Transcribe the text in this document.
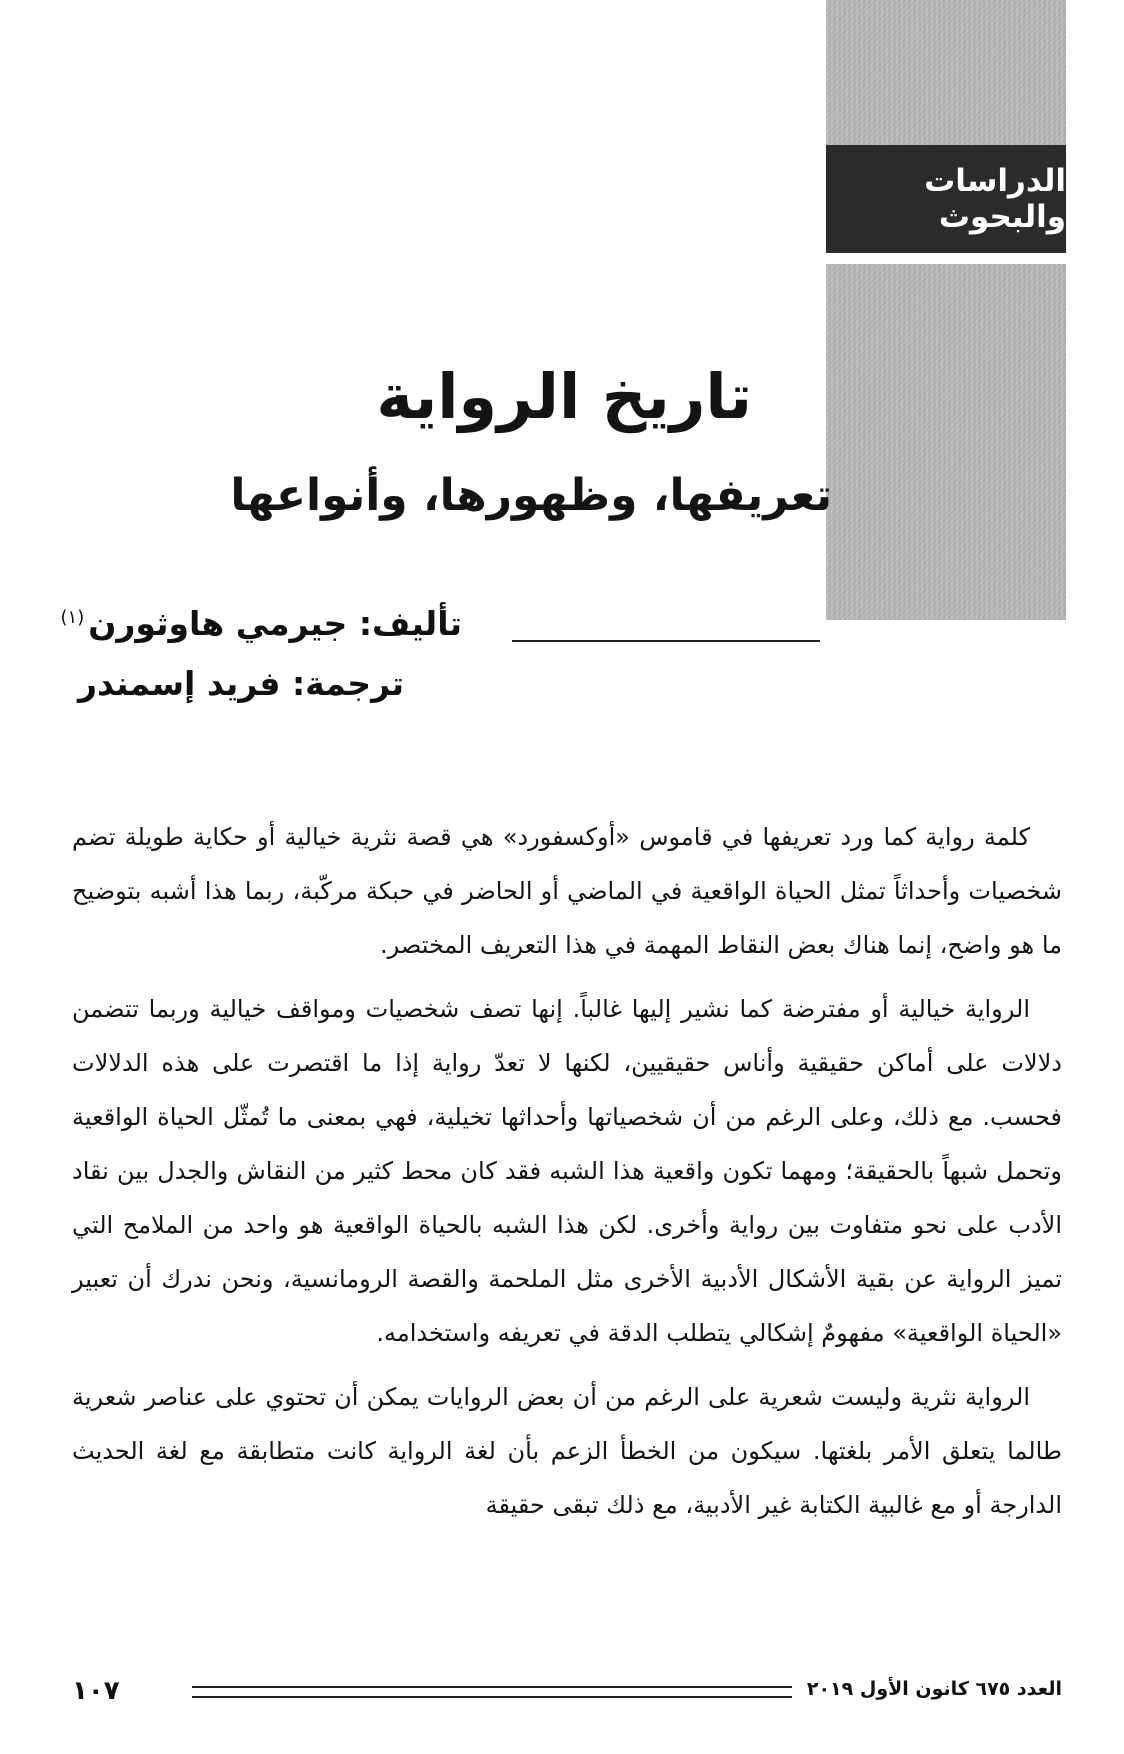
الدراسات والبحوث
تاريخ الرواية
تعريفها، وظهورها، وأنواعها
تأليف: جيرمي هاوثورن$^{(١)}$
ترجمة: فريد إسمندر

كلمة رواية كما ورد تعريفها في قاموس «أوكسفورد» هي قصة نثرية خيالية أو حكاية طويلة تضم شخصيات وأحداثاً تمثل الحياة الواقعية في الماضي أو الحاضر في حبكة مركّبة، ربما هذا أشبه بتوضيح ما هو واضح، إنما هناك بعض النقاط المهمة في هذا التعريف المختصر.

الرواية خيالية أو مفترضة كما نشير إليها غالباً. إنها تصف شخصيات ومواقف خيالية وربما تتضمن دلالات على أماكن حقيقية وأناس حقيقيين، لكنها لا تعدّ رواية إذا ما اقتصرت على هذه الدلالات فحسب. مع ذلك، وعلى الرغم من أن شخصياتها وأحداثها تخيلية، فهي بمعنى ما تُمثّل الحياة الواقعية وتحمل شبهاً بالحقيقة؛ ومهما تكون واقعية هذا الشبه فقد كان محط كثير من النقاش والجدل بين نقاد الأدب على نحو متفاوت بين رواية وأخرى. لكن هذا الشبه بالحياة الواقعية هو واحد من الملامح التي تميز الرواية عن بقية الأشكال الأدبية الأخرى مثل الملحمة والقصة الرومانسية، ونحن ندرك أن تعبير «الحياة الواقعية» مفهومٌ إشكالي يتطلب الدقة في تعريفه واستخدامه.

الرواية نثرية وليست شعرية على الرغم من أن بعض الروايات يمكن أن تحتوي على عناصر شعرية طالما يتعلق الأمر بلغتها. سيكون من الخطأ الزعم بأن لغة الرواية كانت متطابقة مع لغة الحديث الدارجة أو مع غالبية الكتابة غير الأدبية، مع ذلك تبقى حقيقة

١٠٧	العدد ٦٧٥ كانون الأول ٢٠١٩
